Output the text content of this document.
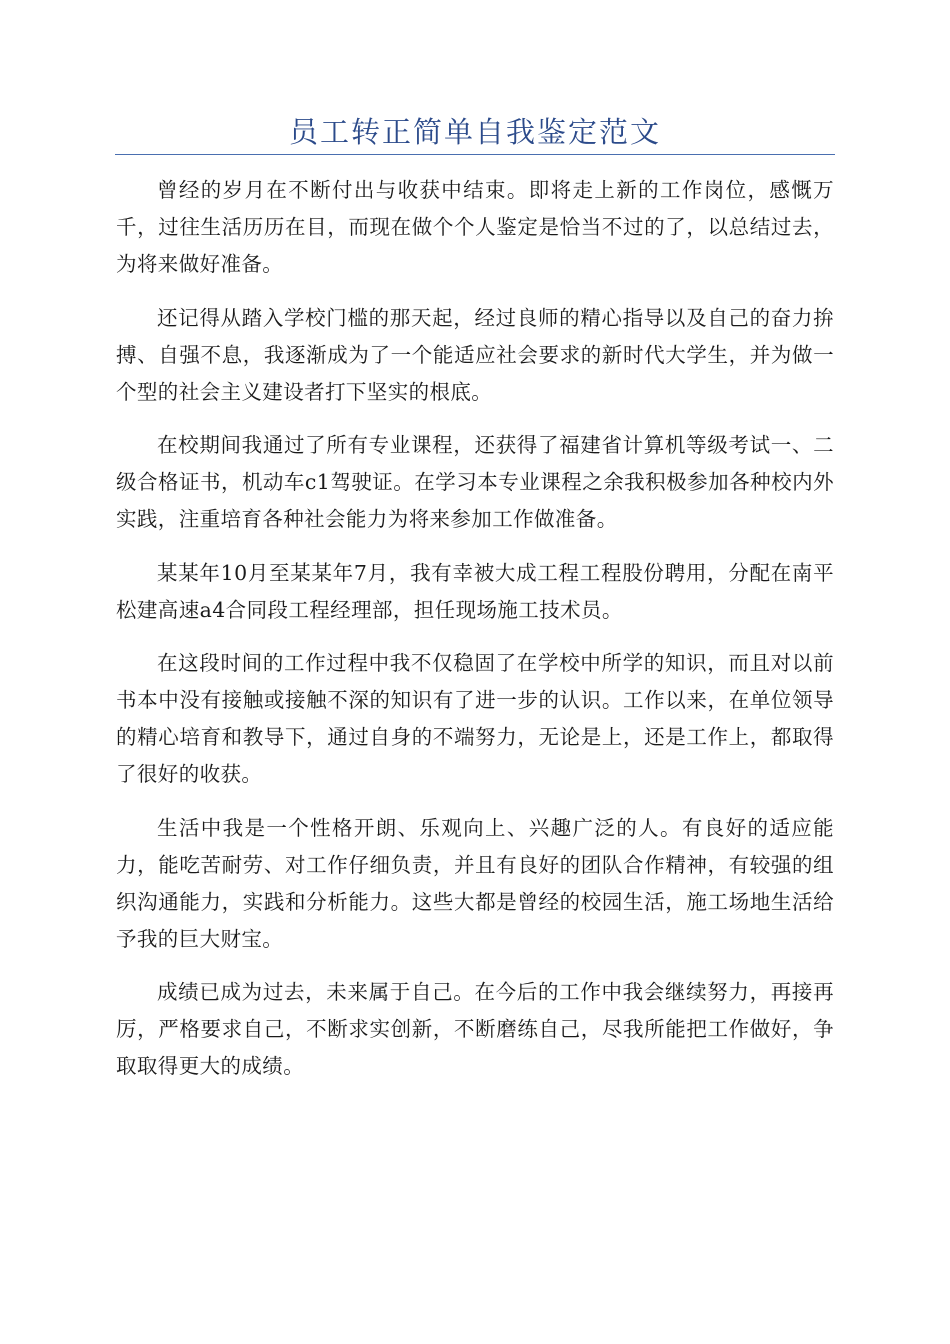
员工转正简单自我鉴定范文

曾经的岁月在不断付出与收获中结束。即将走上新的工作岗位，感慨万千，过往生活历历在目，而现在做个个人鉴定是恰当不过的了，以总结过去，为将来做好准备。

还记得从踏入学校门槛的那天起，经过良师的精心指导以及自己的奋力拚搏、自强不息，我逐渐成为了一个能适应社会要求的新时代大学生，并为做一个型的社会主义建设者打下坚实的根底。

在校期间我通过了所有专业课程，还获得了福建省计算机等级考试一、二级合格证书，机动车c1驾驶证。在学习本专业课程之余我积极参加各种校内外实践，注重培育各种社会能力为将来参加工作做准备。

某某年10月至某某年7月，我有幸被大成工程工程股份聘用，分配在南平松建高速a4合同段工程经理部，担任现场施工技术员。

在这段时间的工作过程中我不仅稳固了在学校中所学的知识，而且对以前书本中没有接触或接触不深的知识有了进一步的认识。工作以来，在单位领导的精心培育和教导下，通过自身的不端努力，无论是上，还是工作上，都取得了很好的收获。

生活中我是一个性格开朗、乐观向上、兴趣广泛的人。有良好的适应能力，能吃苦耐劳、对工作仔细负责，并且有良好的团队合作精神，有较强的组织沟通能力，实践和分析能力。这些大都是曾经的校园生活，施工场地生活给予我的巨大财宝。

成绩已成为过去，未来属于自己。在今后的工作中我会继续努力，再接再厉，严格要求自己，不断求实创新，不断磨练自己，尽我所能把工作做好，争取取得更大的成绩。
